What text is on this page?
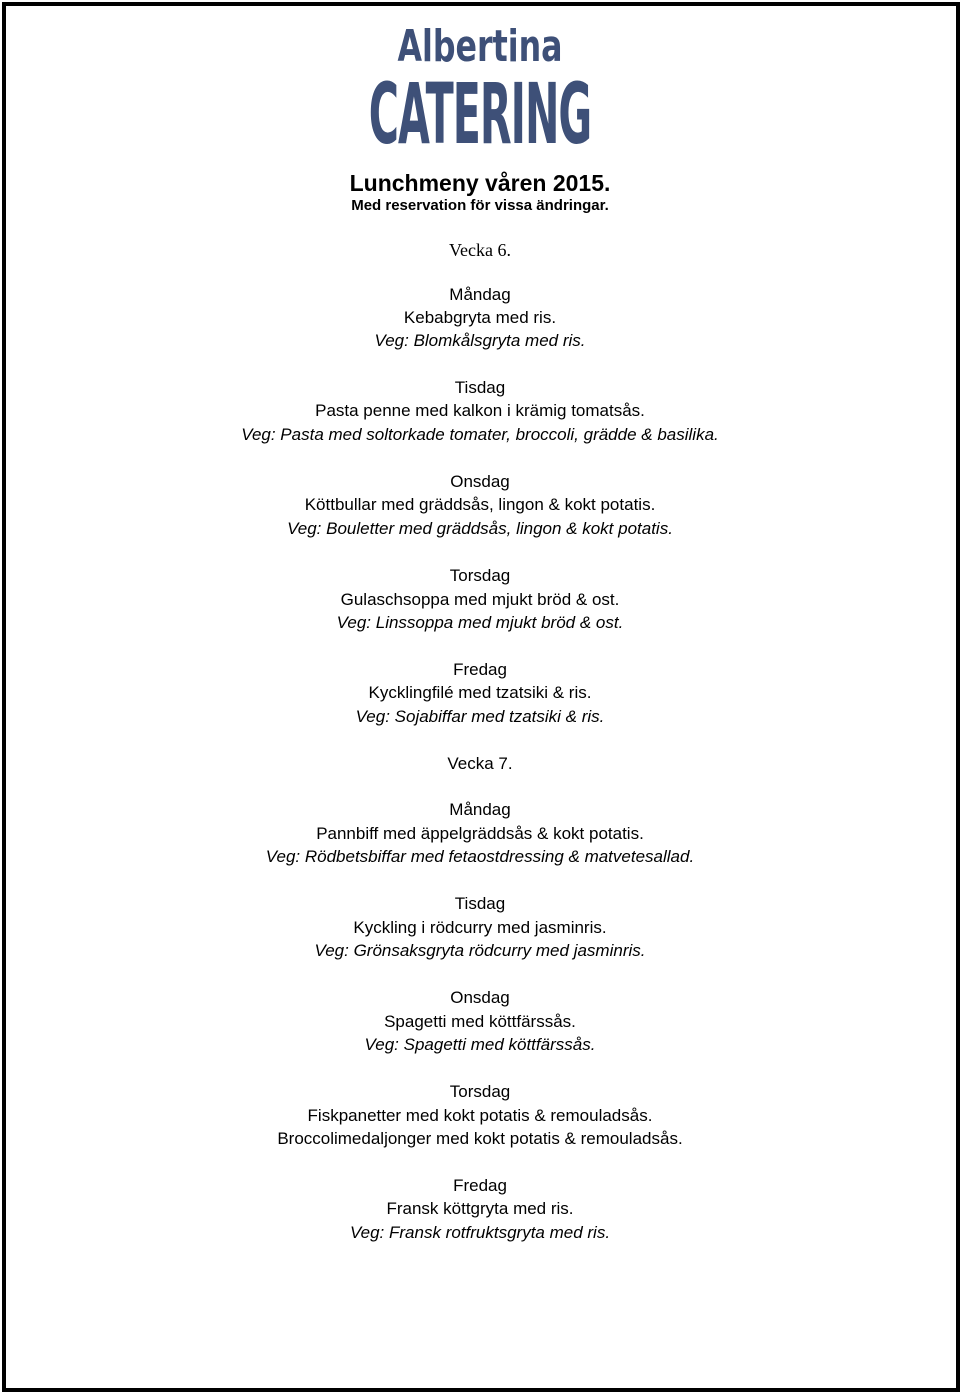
Albertina
CATERING
Lunchmeny våren 2015.
Med reservation för vissa ändringar.
Vecka 6.
Måndag
Kebabgryta med ris.
Veg: Blomkålsgryta med ris.
Tisdag
Pasta penne med kalkon i krämig tomatsås.
Veg: Pasta med soltorkade tomater, broccoli, grädde & basilika.
Onsdag
Köttbullar med gräddsås, lingon & kokt potatis.
Veg: Bouletter med gräddsås, lingon & kokt potatis.
Torsdag
Gulaschsoppa med mjukt bröd & ost.
Veg: Linssoppa med mjukt bröd & ost.
Fredag
Kycklingfilé med tzatsiki & ris.
Veg: Sojabiffar med tzatsiki & ris.
Vecka 7.
Måndag
Pannbiff med äppelgräddsås & kokt potatis.
Veg: Rödbetsbiffar med fetaostdressing & matvetesallad.
Tisdag
Kyckling i rödcurry med jasminris.
Veg: Grönsaksgryta rödcurry med jasminris.
Onsdag
Spagetti med köttfärssås.
Veg: Spagetti med köttfärssås.
Torsdag
Fiskpanetter med kokt potatis & remouladsås.
Broccolimedaljonger med kokt potatis & remouladsås.
Fredag
Fransk köttgryta med ris.
Veg: Fransk rotfruktsgryta med ris.
